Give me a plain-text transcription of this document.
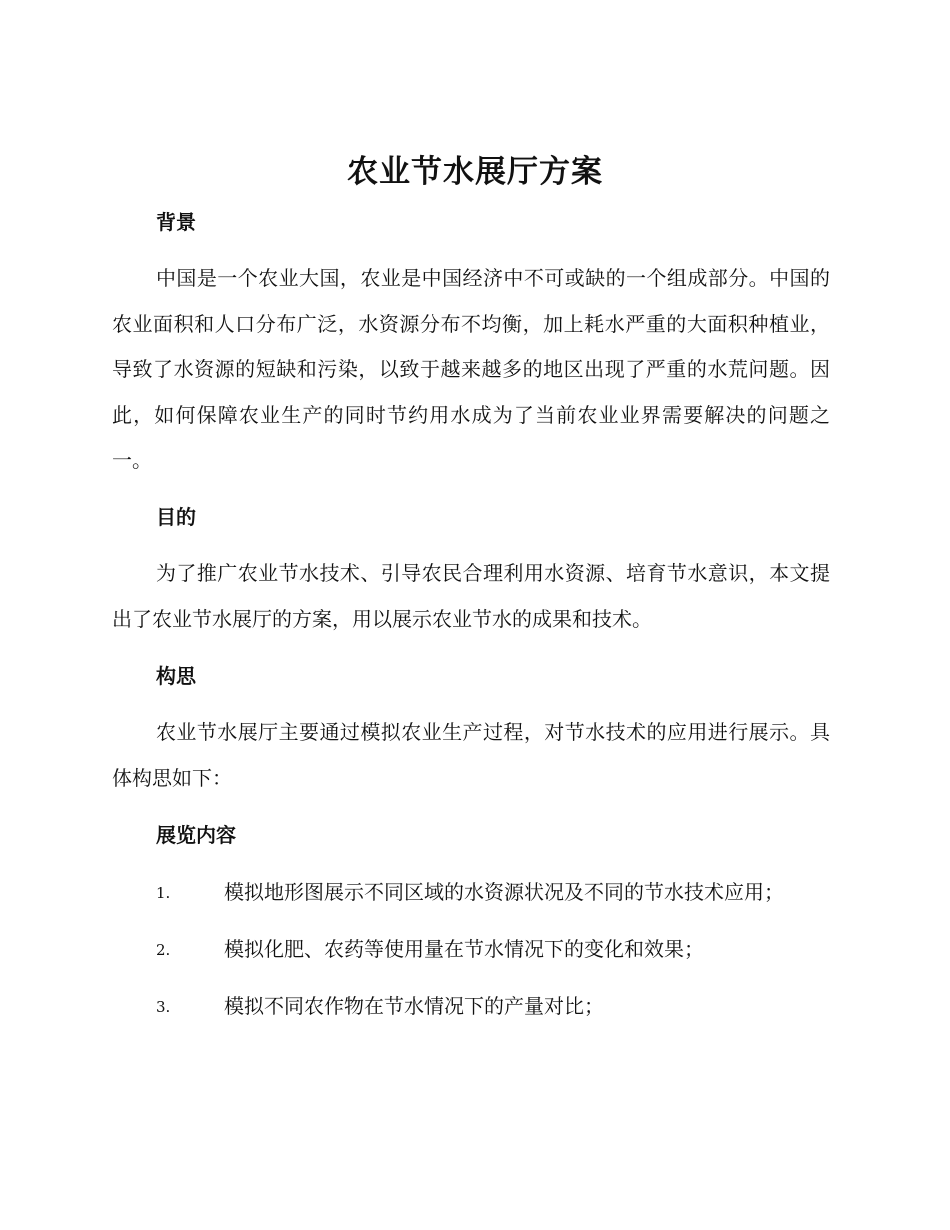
农业节水展厅方案
背景

中国是一个农业大国，农业是中国经济中不可或缺的一个组成部分。中国的农业面积和人口分布广泛，水资源分布不均衡，加上耗水严重的大面积种植业，导致了水资源的短缺和污染，以致于越来越多的地区出现了严重的水荒问题。因此，如何保障农业生产的同时节约用水成为了当前农业业界需要解决的问题之一。

目的

为了推广农业节水技术、引导农民合理利用水资源、培育节水意识，本文提出了农业节水展厅的方案，用以展示农业节水的成果和技术。

构思

农业节水展厅主要通过模拟农业生产过程，对节水技术的应用进行展示。具体构思如下：

展览内容
1.	模拟地形图展示不同区域的水资源状况及不同的节水技术应用；
2.	模拟化肥、农药等使用量在节水情况下的变化和效果；
3.	模拟不同农作物在节水情况下的产量对比；
